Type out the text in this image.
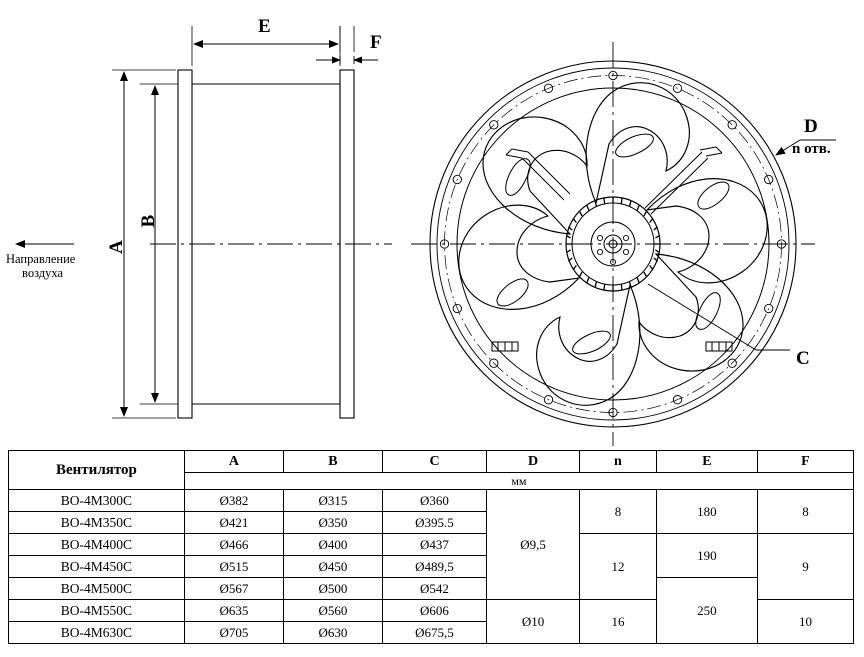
E
F
A
B
D
n отв.
C
Направление
воздуха
Вентилятор	A	B	C	D	n	E	F
	мм						
ВО-4М300С	Ø382	Ø315	Ø360	Ø9,5	8	180	8
ВО-4М350С	Ø421	Ø350	Ø395.5				
ВО-4М400С	Ø466	Ø400	Ø437		12	190	9
ВО-4М450С	Ø515	Ø450	Ø489,5				
ВО-4М500С	Ø567	Ø500	Ø542			250	
ВО-4М550С	Ø635	Ø560	Ø606	Ø10	16		10
ВО-4М630С	Ø705	Ø630	Ø675,5				
